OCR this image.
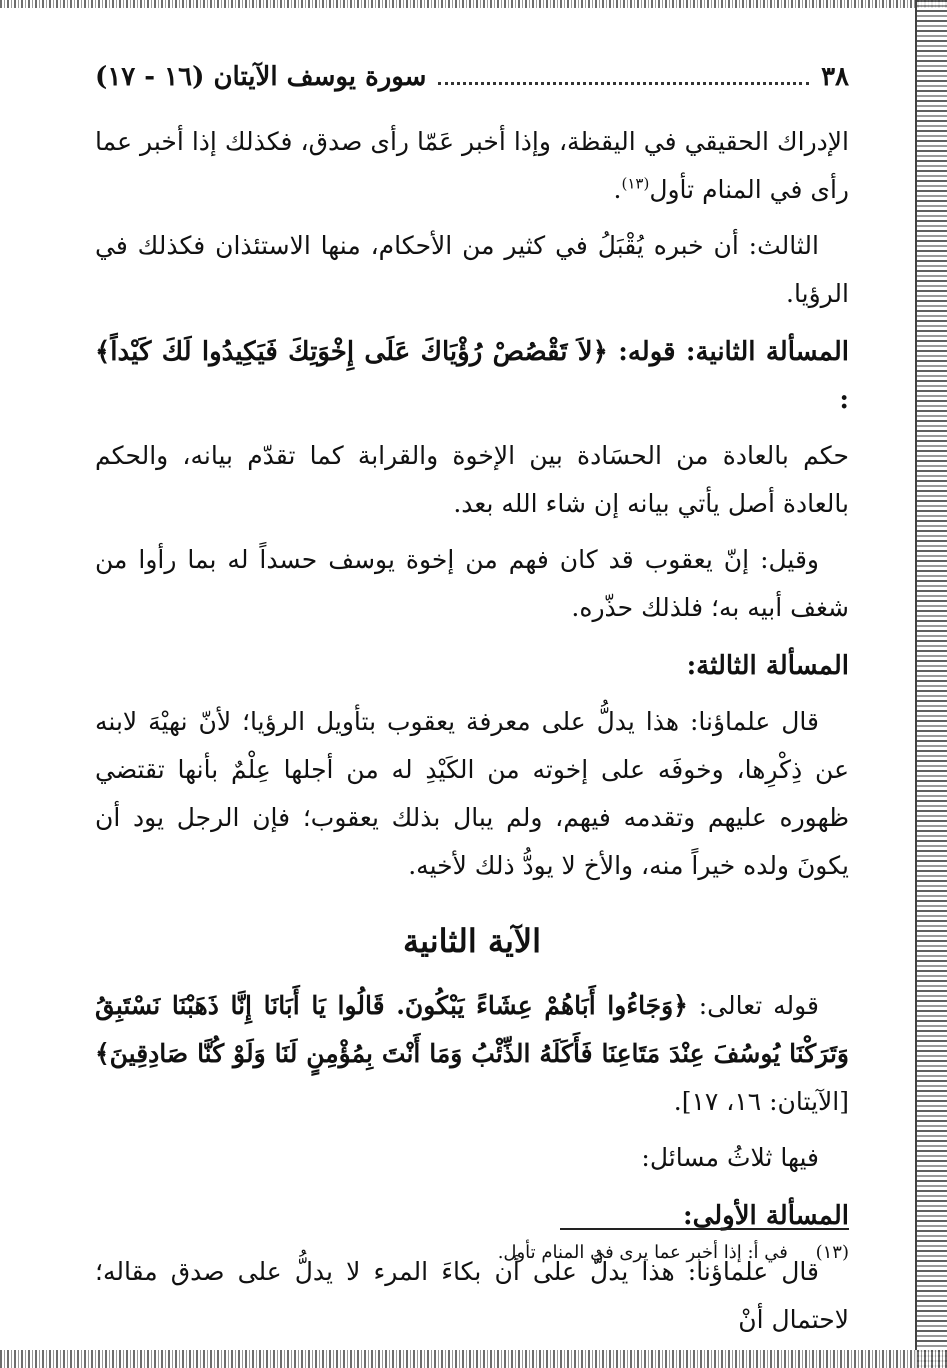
٣٨
سورة يوسف الآيتان (١٦ - ١٧)

الإدراك الحقيقي في اليقظة، وإذا أخبر عَمّا رأى صدق، فكذلك إذا أخبر عما رأى في المنام تأول$^{(١٣)}$.

الثالث: أن خبره يُقْبَلُ في كثير من الأحكام، منها الاستئذان فكذلك في الرؤيا.

المسألة الثانية: قوله: ﴿لاَ تَقْصُصْ رُؤْيَاكَ عَلَى إِخْوَتِكَ فَيَكِيدُوا لَكَ كَيْداً﴾ :

حكم بالعادة من الحسَادة بين الإخوة والقرابة كما تقدّم بيانه، والحكم بالعادة أصل يأتي بيانه إن شاء الله بعد.

وقيل: إنّ يعقوب قد كان فهم من إخوة يوسف حسداً له بما رأوا من شغف أبيه به؛ فلذلك حذّره.

المسألة الثالثة:

قال علماؤنا: هذا يدلُّ على معرفة يعقوب بتأويل الرؤيا؛ لأنّ نهيْهَ لابنه عن ذِكْرِها، وخوفَه على إخوته من الكَيْدِ له من أجلها عِلْمٌ بأنها تقتضي ظهوره عليهم وتقدمه فيهم، ولم يبال بذلك يعقوب؛ فإن الرجل يود أن يكونَ ولده خيراً منه، والأخ لا يودُّ ذلك لأخيه.

الآية الثانية

قوله تعالى: ﴿وَجَاءُوا أَبَاهُمْ عِشَاءً يَبْكُونَ. قَالُوا يَا أَبَانَا إِنَّا ذَهَبْنَا نَسْتَبِقُ وَتَرَكْنَا يُوسُفَ عِنْدَ مَتَاعِنَا فَأَكَلَهُ الذِّئْبُ وَمَا أَنْتَ بِمُؤْمِنٍ لَنَا وَلَوْ كُنَّا صَادِقِينَ﴾ [الآيتان: ١٦، ١٧].

فيها ثلاثُ مسائل:

المسألة الأولى:

قال علماؤنا: هذا يدلُّ على أن بكاءَ المرء لا يدلُّ على صدق مقاله؛ لاحتمال أنْ

(١٣) في أ: إذا أخبر عما يرى في المنام تأول.
